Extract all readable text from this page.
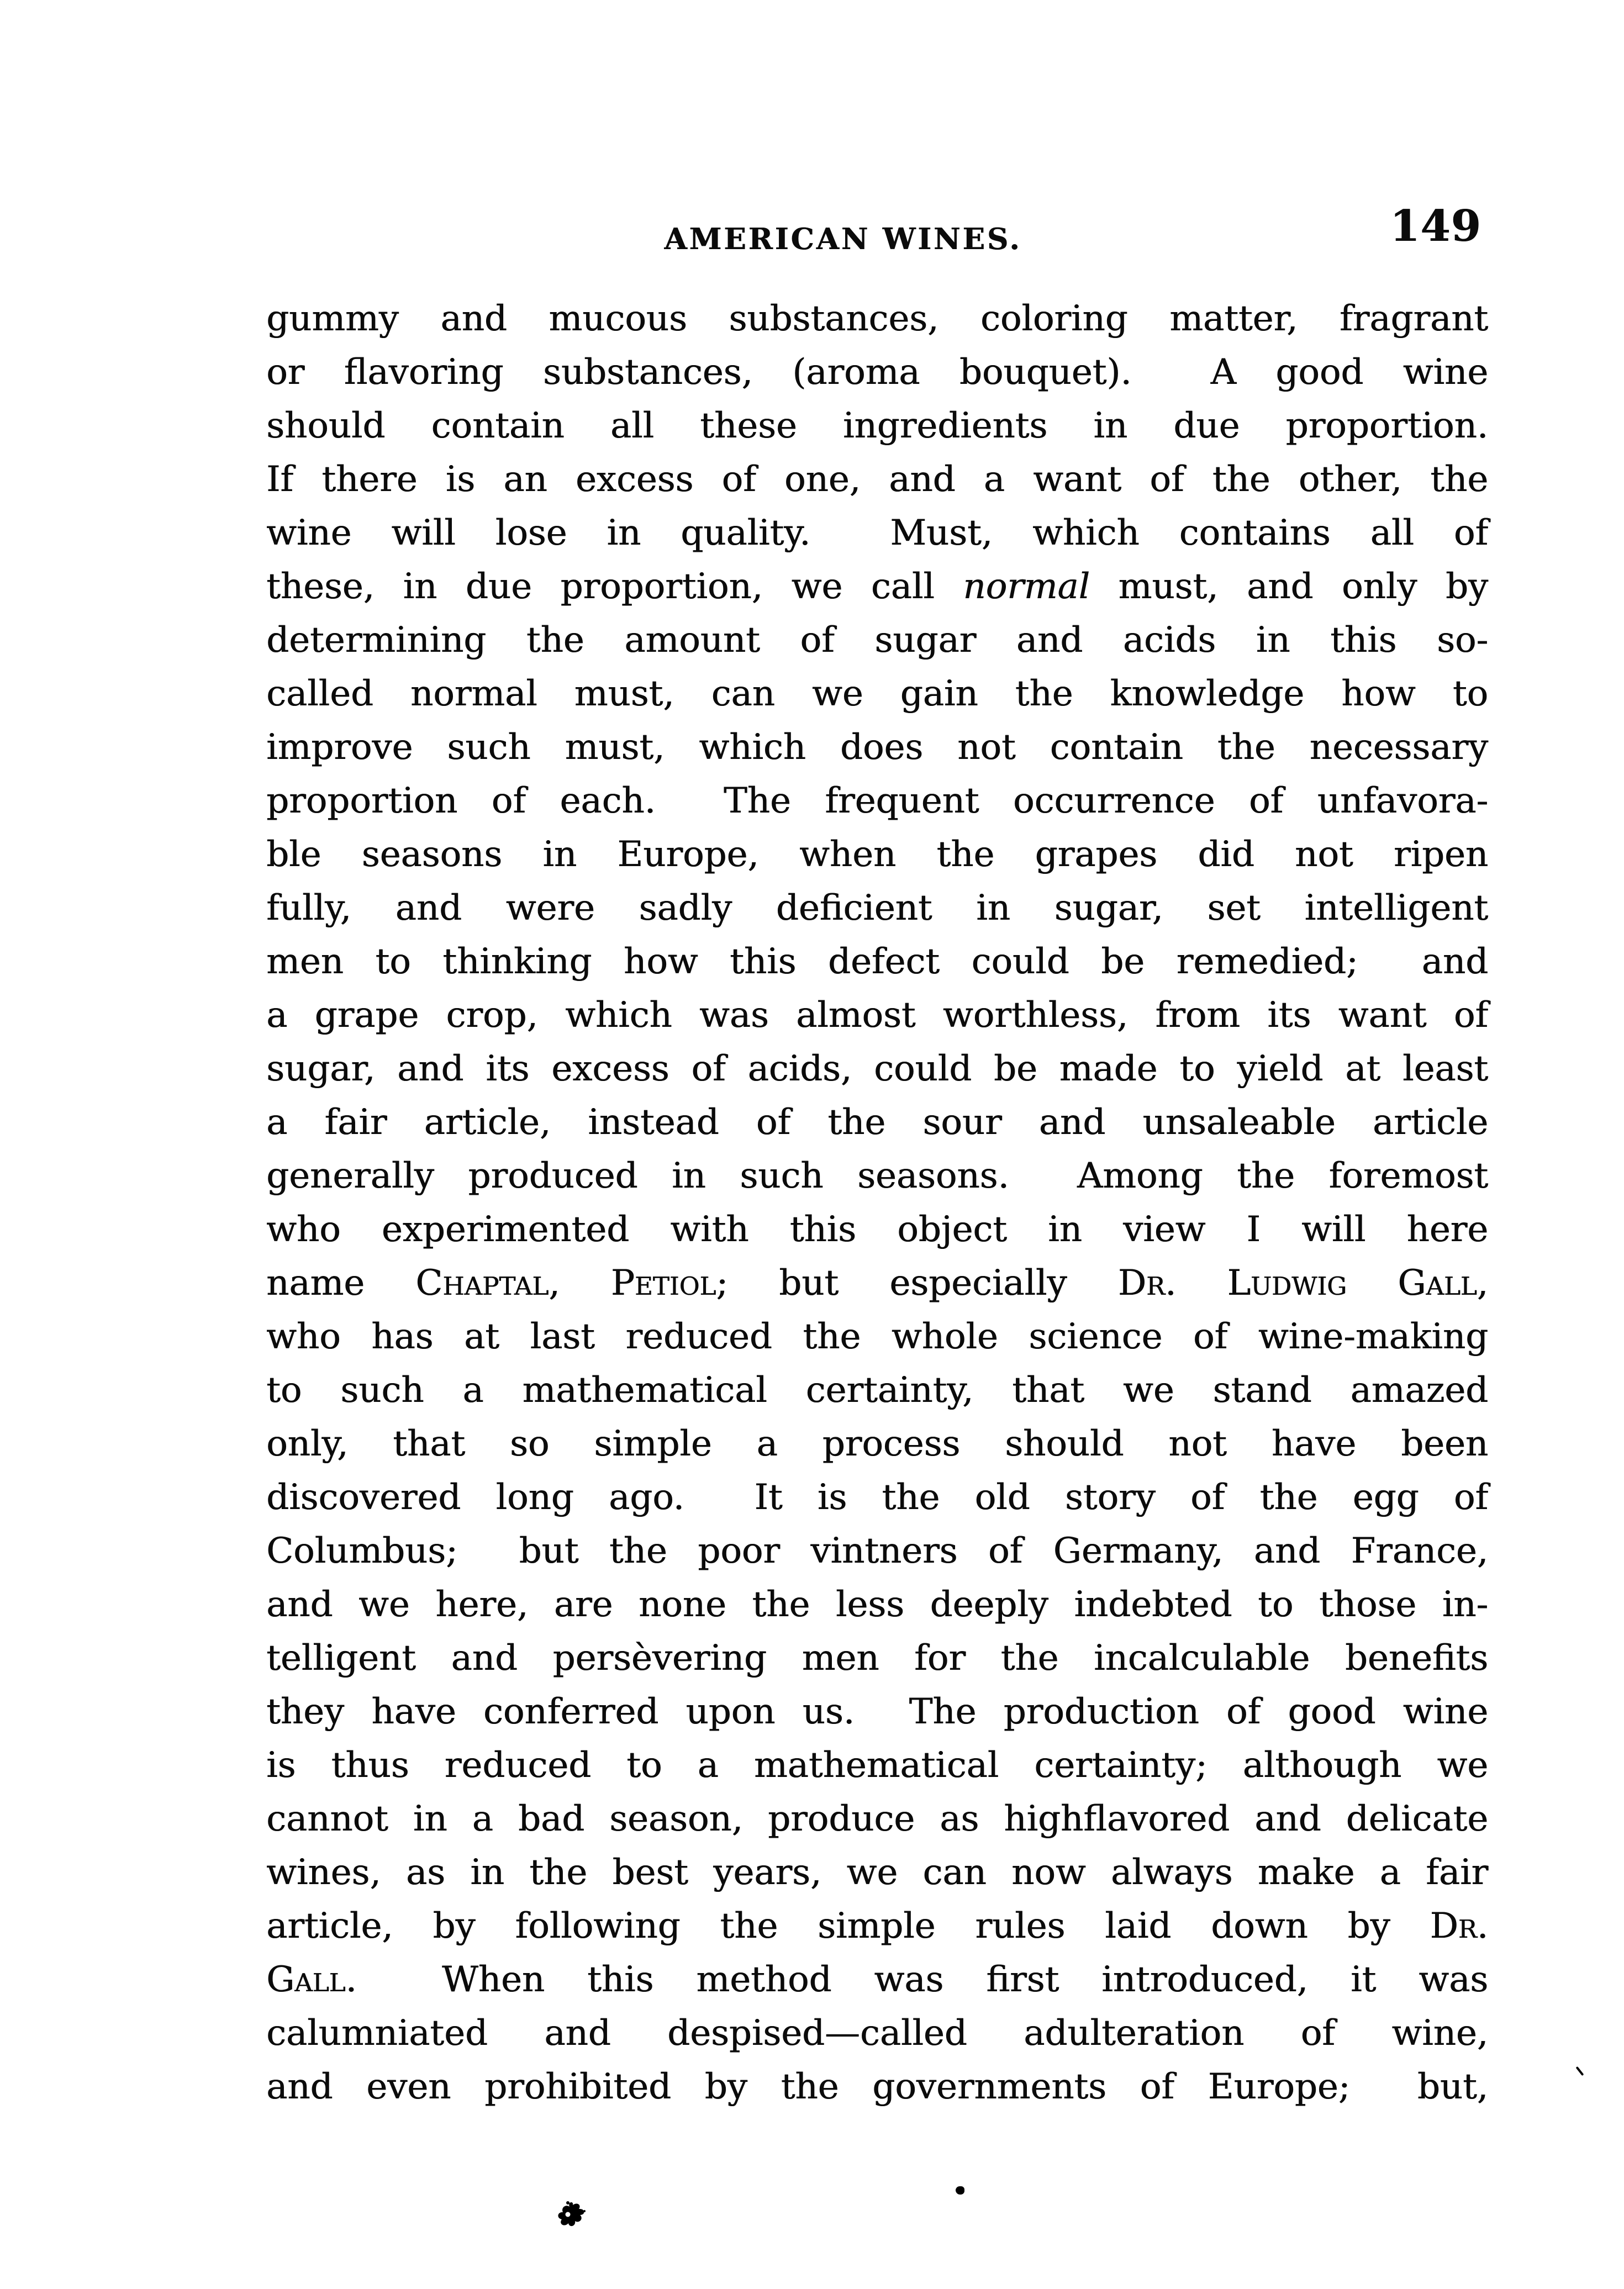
AMERICAN WINES.	149
gummy and mucous substances, coloring matter, fragrant
or flavoring substances, (aroma bouquet).  A good wine
should contain all these ingredients in due proportion.
If there is an excess of one, and a want of the other, the
wine will lose in quality.  Must, which contains all of
these, in due proportion, we call normal must, and only by
determining the amount of sugar and acids in this so-
called normal must, can we gain the knowledge how to
improve such must, which does not contain the necessary
proportion of each.  The frequent occurrence of unfavora-
ble seasons in Europe, when the grapes did not ripen
fully, and were sadly deficient in sugar, set intelligent
men to thinking how this defect could be remedied;  and
a grape crop, which was almost worthless, from its want of
sugar, and its excess of acids, could be made to yield at least
a fair article, instead of the sour and unsaleable article
generally produced in such seasons.  Among the foremost
who experimented with this object in view I will here
name Chaptal, Petiol; but especially Dr. Ludwig Gall,
who has at last reduced the whole science of wine-making
to such a mathematical certainty, that we stand amazed
only, that so simple a process should not have been
discovered long ago.  It is the old story of the egg of
Columbus;  but the poor vintners of Germany, and France,
and we here, are none the less deeply indebted to those in-
telligent and persèvering men for the incalculable benefits
they have conferred upon us.  The production of good wine
is thus reduced to a mathematical certainty; although we
cannot in a bad season, produce as highflavored and delicate
wines, as in the best years, we can now always make a fair
article, by following the simple rules laid down by Dr.
Gall.  When this method was first introduced, it was
calumniated and despised—called adulteration of wine,
and even prohibited by the governments of Europe;  but,
